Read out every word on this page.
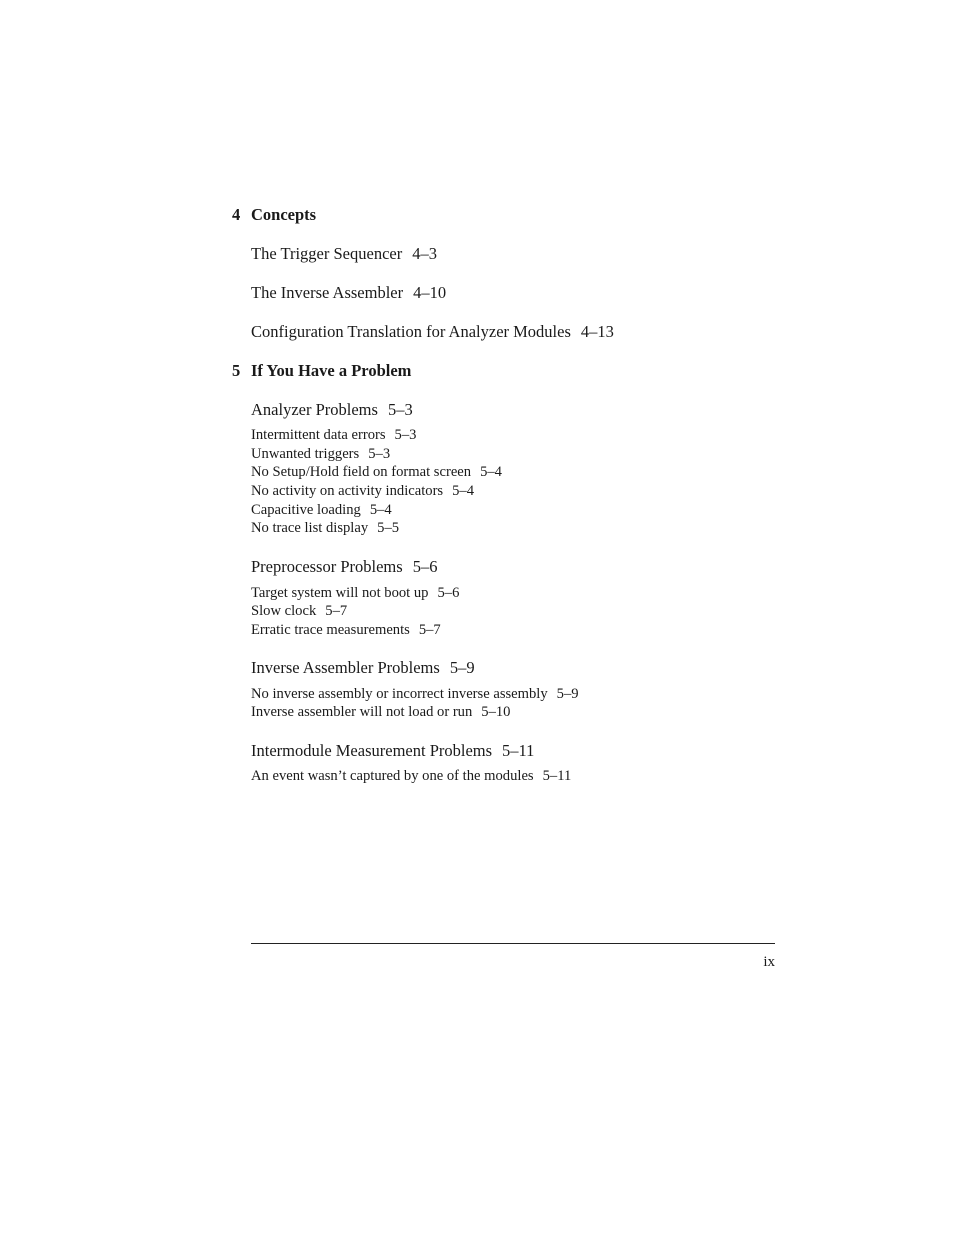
4 Concepts
The Trigger Sequencer 4–3
The Inverse Assembler 4–10
Configuration Translation for Analyzer Modules 4–13
5 If You Have a Problem
Analyzer Problems 5–3
Intermittent data errors 5–3
Unwanted triggers 5–3
No Setup/Hold field on format screen 5–4
No activity on activity indicators 5–4
Capacitive loading 5–4
No trace list display 5–5
Preprocessor Problems 5–6
Target system will not boot up 5–6
Slow clock 5–7
Erratic trace measurements 5–7
Inverse Assembler Problems 5–9
No inverse assembly or incorrect inverse assembly 5–9
Inverse assembler will not load or run 5–10
Intermodule Measurement Problems 5–11
An event wasn’t captured by one of the modules 5–11
ix
